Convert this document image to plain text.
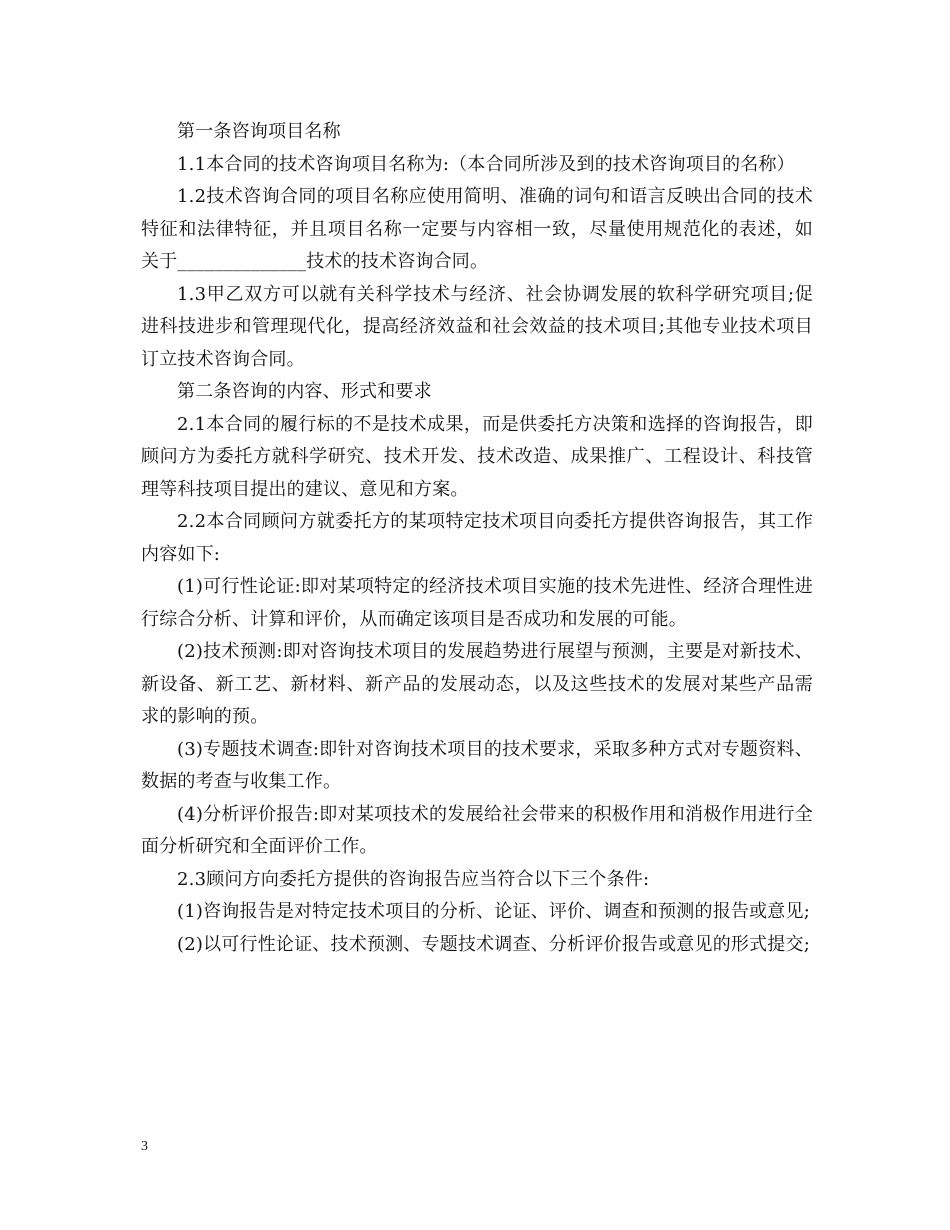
第一条咨询项目名称

1.1本合同的技术咨询项目名称为:（本合同所涉及到的技术咨询项目的名称）

1.2技术咨询合同的项目名称应使用简明、准确的词句和语言反映出合同的技术特征和法律特征，并且项目名称一定要与内容相一致，尽量使用规范化的表述，如关于______________技术的技术咨询合同。

1.3甲乙双方可以就有关科学技术与经济、社会协调发展的软科学研究项目;促进科技进步和管理现代化，提高经济效益和社会效益的技术项目;其他专业技术项目订立技术咨询合同。

第二条咨询的内容、形式和要求

2.1本合同的履行标的不是技术成果，而是供委托方决策和选择的咨询报告，即顾问方为委托方就科学研究、技术开发、技术改造、成果推广、工程设计、科技管理等科技项目提出的建议、意见和方案。

2.2本合同顾问方就委托方的某项特定技术项目向委托方提供咨询报告，其工作内容如下:

(1)可行性论证:即对某项特定的经济技术项目实施的技术先进性、经济合理性进行综合分析、计算和评价，从而确定该项目是否成功和发展的可能。

(2)技术预测:即对咨询技术项目的发展趋势进行展望与预测，主要是对新技术、新设备、新工艺、新材料、新产品的发展动态，以及这些技术的发展对某些产品需求的影响的预。

(3)专题技术调查:即针对咨询技术项目的技术要求，采取多种方式对专题资料、数据的考查与收集工作。

(4)分析评价报告:即对某项技术的发展给社会带来的积极作用和消极作用进行全面分析研究和全面评价工作。

2.3顾问方向委托方提供的咨询报告应当符合以下三个条件:

(1)咨询报告是对特定技术项目的分析、论证、评价、调查和预测的报告或意见;

(2)以可行性论证、技术预测、专题技术调查、分析评价报告或意见的形式提交;

3
